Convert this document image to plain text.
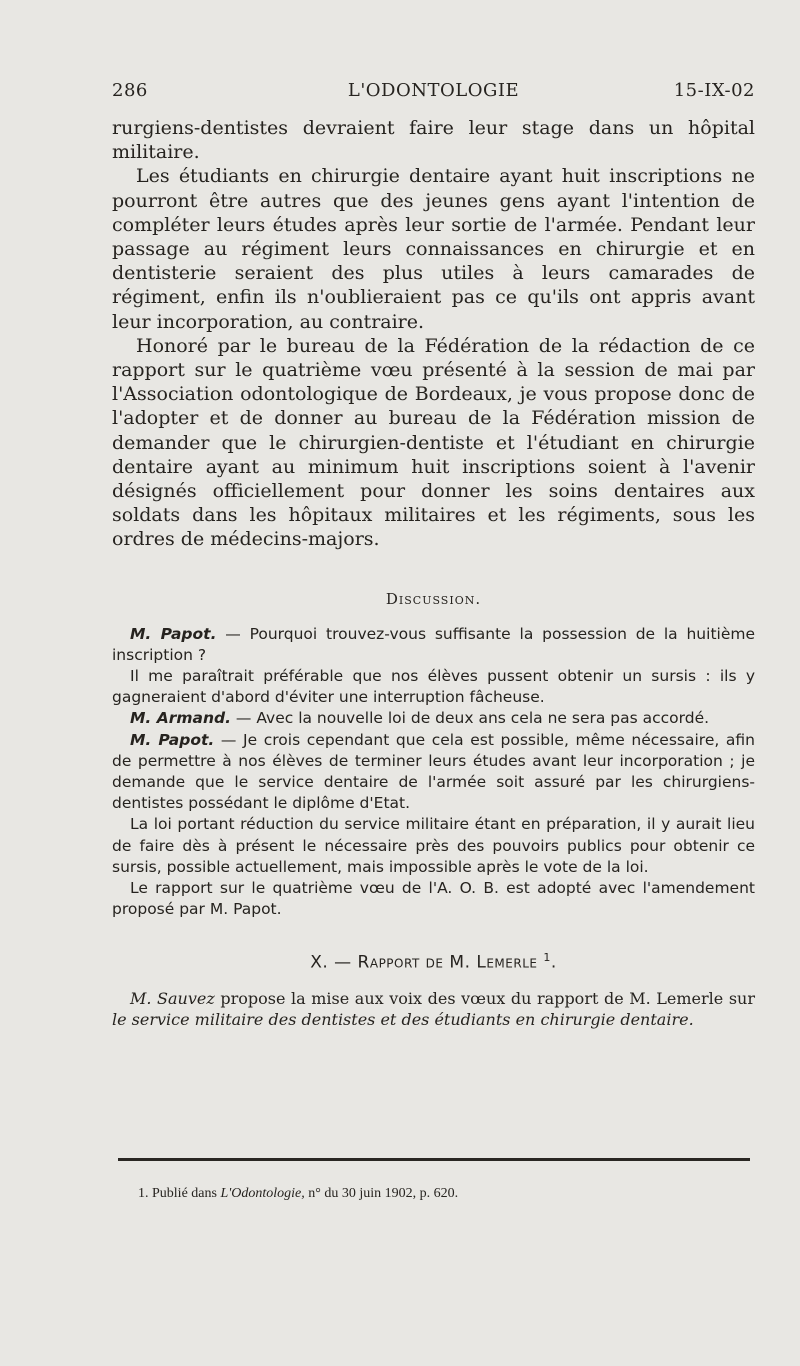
286	L'ODONTOLOGIE	15-IX-02

rurgiens-dentistes devraient faire leur stage dans un hôpital militaire.

Les étudiants en chirurgie dentaire ayant huit inscriptions ne pourront être autres que des jeunes gens ayant l'intention de compléter leurs études après leur sortie de l'armée. Pendant leur passage au régiment leurs connaissances en chirurgie et en dentisterie seraient des plus utiles à leurs camarades de régiment, enfin ils n'oublieraient pas ce qu'ils ont appris avant leur incorporation, au contraire.

Honoré par le bureau de la Fédération de la rédaction de ce rapport sur le quatrième vœu présenté à la session de mai par l'Association odontologique de Bordeaux, je vous propose donc de l'adopter et de donner au bureau de la Fédération mission de demander que le chirurgien-dentiste et l'étudiant en chirurgie dentaire ayant au minimum huit inscriptions soient à l'avenir désignés officiellement pour donner les soins dentaires aux soldats dans les hôpitaux militaires et les régiments, sous les ordres de médecins-majors.

Discussion.

M. Papot. — Pourquoi trouvez-vous suffisante la possession de la huitième inscription ?

Il me paraîtrait préférable que nos élèves pussent obtenir un sursis : ils y gagneraient d'abord d'éviter une interruption fâcheuse.

M. Armand. — Avec la nouvelle loi de deux ans cela ne sera pas accordé.

M. Papot. — Je crois cependant que cela est possible, même nécessaire, afin de permettre à nos élèves de terminer leurs études avant leur incorporation ; je demande que le service dentaire de l'armée soit assuré par les chirurgiens-dentistes possédant le diplôme d'Etat.

La loi portant réduction du service militaire étant en préparation, il y aurait lieu de faire dès à présent le nécessaire près des pouvoirs publics pour obtenir ce sursis, possible actuellement, mais impossible après le vote de la loi.

Le rapport sur le quatrième vœu de l'A. O. B. est adopté avec l'amendement proposé par M. Papot.

X. — Rapport de M. Lemerle $^1$.

M. Sauvez propose la mise aux voix des vœux du rapport de M. Lemerle sur le service militaire des dentistes et des étudiants en chirurgie dentaire.

1. Publié dans L'Odontologie, n° du 30 juin 1902, p. 620.
